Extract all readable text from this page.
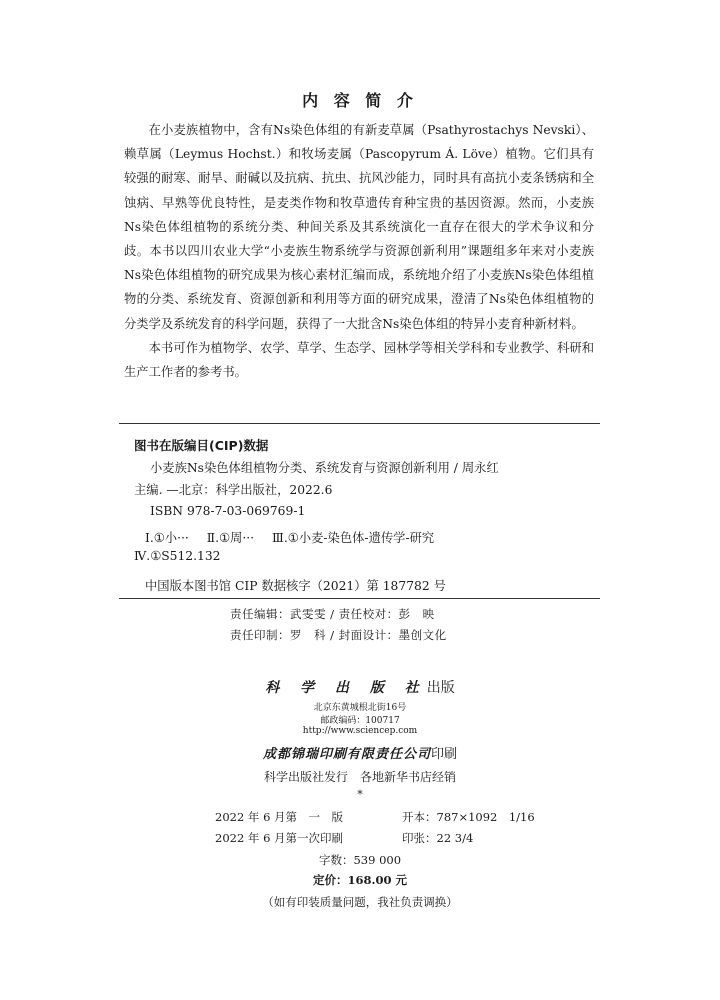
内 容 简 介

在小麦族植物中，含有Ns染色体组的有新麦草属（Psathyrostachys Nevski）、赖草属（Leymus Hochst.）和牧场麦属（Pascopyrum Á. Löve）植物。它们具有较强的耐寒、耐旱、耐碱以及抗病、抗虫、抗风沙能力，同时具有高抗小麦条锈病和全蚀病、早熟等优良特性，是麦类作物和牧草遗传育种宝贵的基因资源。然而，小麦族Ns染色体组植物的系统分类、种间关系及其系统演化一直存在很大的学术争议和分歧。本书以四川农业大学“小麦族生物系统学与资源创新利用”课题组多年来对小麦族Ns染色体组植物的研究成果为核心素材汇编而成，系统地介绍了小麦族Ns染色体组植物的分类、系统发育、资源创新和利用等方面的研究成果，澄清了Ns染色体组植物的分类学及系统发育的科学问题，获得了一大批含Ns染色体组的特异小麦育种新材料。

本书可作为植物学、农学、草学、生态学、园林学等相关学科和专业教学、科研和生产工作者的参考书。

图书在版编目(CIP)数据

小麦族Ns染色体组植物分类、系统发育与资源创新利用 / 周永红

主编. —北京：科学出版社，2022.6

ISBN 978-7-03-069769-1

Ⅰ.①小··· Ⅱ.①周··· Ⅲ.①小麦-染色体-遗传学-研究
Ⅳ.①S512.132
中国版本图书馆 CIP 数据核字（2021）第 187782 号
责任编辑：武雯雯 / 责任校对：彭　映
责任印制：罗　科 / 封面设计：墨创文化
科 学 出 版 社出版
北京东黄城根北街16号
邮政编码：100717
http://www.sciencep.com
成都锦瑞印刷有限责任公司印刷
科学出版社发行　各地新华书店经销
*
2022 年 6 月第　一　版	开本：787×1092　1/16
2022 年 6 月第一次印刷	印张：22 3/4
字数：539 000
定价：168.00 元
（如有印装质量问题，我社负责调换）
